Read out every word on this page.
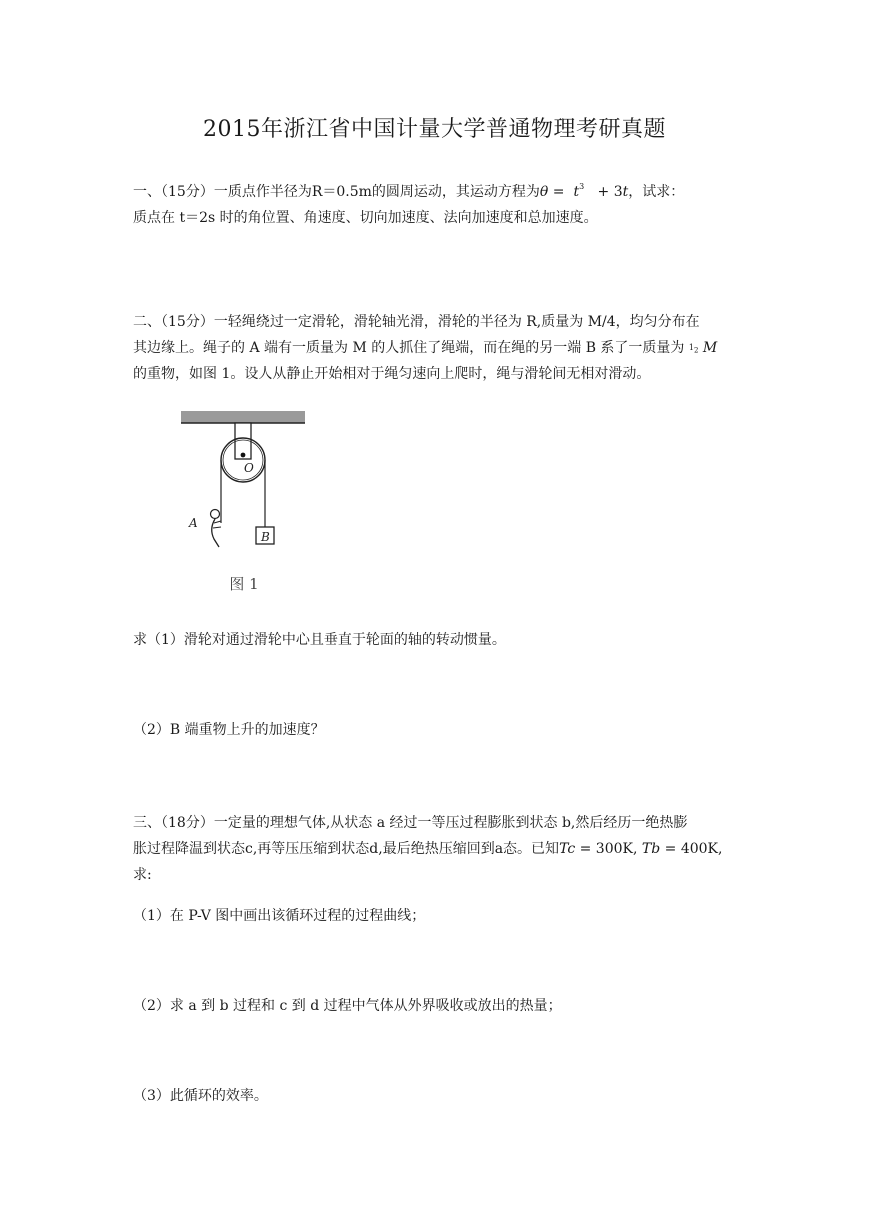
2015年浙江省中国计量大学普通物理考研真题

一、（15分）一质点作半径为R＝0.5m的圆周运动，其运动方程为$\theta = t^3 + 3t$，试求：
质点在 t＝2s 时的角位置、角速度、切向加速度、法向加速度和总加速度。

二、（15分）一轻绳绕过一定滑轮，滑轮轴光滑，滑轮的半径为 R,质量为 M/4，均匀分布在
其边缘上。绳子的 A 端有一质量为 M 的人抓住了绳端，而在绳的另一端 B 系了一质量为 $1_2$ M
的重物，如图 1。设人从静止开始相对于绳匀速向上爬时，绳与滑轮间无相对滑动。

B
A
O
图 1

求（1）滑轮对通过滑轮中心且垂直于轮面的轴的转动惯量。

（2）B 端重物上升的加速度？

三、（18分）一定量的理想气体,从状态 a 经过一等压过程膨胀到状态 b,然后经历一绝热膨
胀过程降温到状态c,再等压压缩到状态d,最后绝热压缩回到a态。已知Tc = 300K, Tb = 400K,
求:

（1）在 P-V 图中画出该循环过程的过程曲线；

（2）求 a 到 b 过程和 c 到 d 过程中气体从外界吸收或放出的热量；

（3）此循环的效率。
